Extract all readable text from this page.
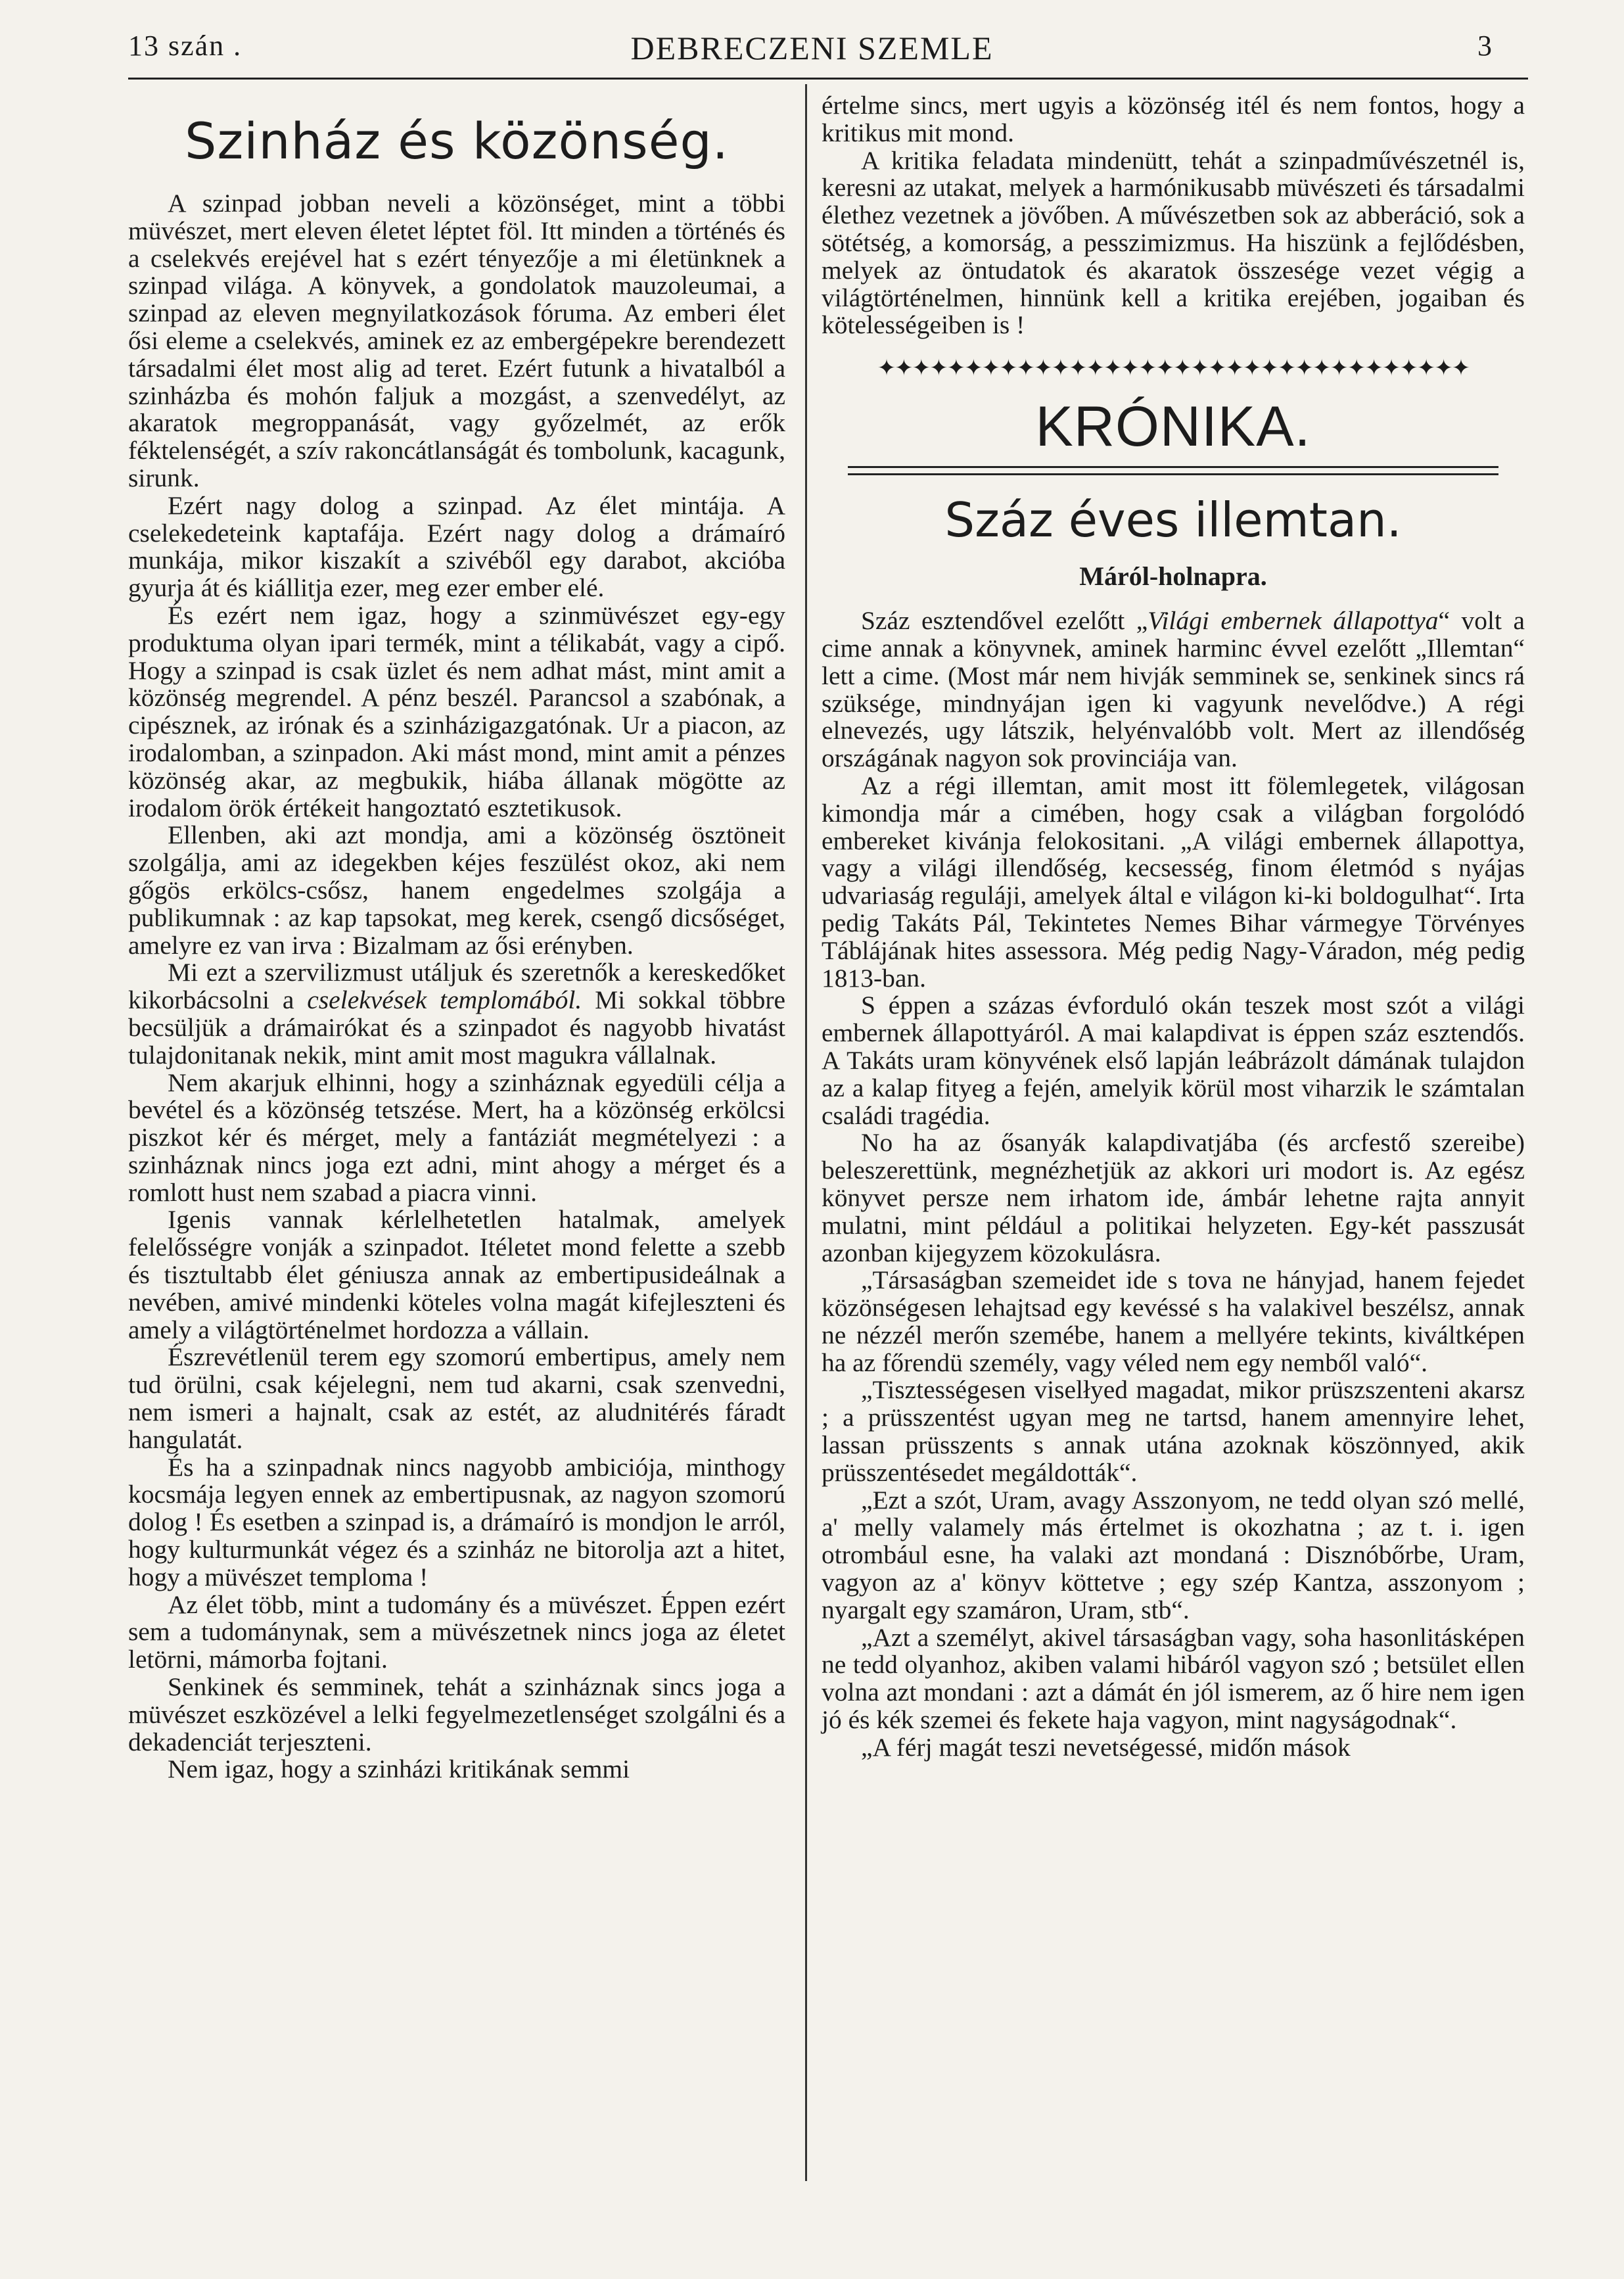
13 szán .	DEBRECZENI SZEMLE	3
Szinház és közönség.

A szinpad jobban neveli a közönséget, mint a többi müvészet, mert eleven életet léptet föl. Itt minden a történés és a cselekvés erejével hat s ezért tényezője a mi életünknek a szinpad világa. A könyvek, a gondolatok mauzoleumai, a szinpad az eleven megnyilatkozások fóruma. Az emberi élet ősi eleme a cselekvés, aminek ez az embergépekre berendezett társadalmi élet most alig ad teret. Ezért futunk a hivatalból a szinházba és mohón faljuk a mozgást, a szenvedélyt, az akaratok megroppanását, vagy győzelmét, az erők féktelenségét, a szív rakoncátlanságát és tombolunk, kacagunk, sirunk.

Ezért nagy dolog a szinpad. Az élet mintája. A cselekedeteink kaptafája. Ezért nagy dolog a drámaíró munkája, mikor kiszakít a szivéből egy darabot, akcióba gyurja át és kiállitja ezer, meg ezer ember elé.

És ezért nem igaz, hogy a szinmüvészet egy-egy produktuma olyan ipari termék, mint a télikabát, vagy a cipő. Hogy a szinpad is csak üzlet és nem adhat mást, mint amit a közönség megrendel. A pénz beszél. Parancsol a szabónak, a cipésznek, az irónak és a szinházigazgatónak. Ur a piacon, az irodalomban, a szinpadon. Aki mást mond, mint amit a pénzes közönség akar, az megbukik, hiába állanak mögötte az irodalom örök értékeit hangoztató esztetikusok.

Ellenben, aki azt mondja, ami a közönség ösztöneit szolgálja, ami az idegekben kéjes feszülést okoz, aki nem gőgös erkölcs-csősz, hanem engedelmes szolgája a publikumnak : az kap tapsokat, meg kerek, csengő dicsőséget, amelyre ez van irva : Bizalmam az ősi erényben.

Mi ezt a szervilizmust utáljuk és szeretnők a kereskedőket kikorbácsolni a cselekvések templomából. Mi sokkal többre becsüljük a drámairókat és a szinpadot és nagyobb hivatást tulajdonitanak nekik, mint amit most magukra vállalnak.

Nem akarjuk elhinni, hogy a szinháznak egyedüli célja a bevétel és a közönség tetszése. Mert, ha a közönség erkölcsi piszkot kér és mérget, mely a fantáziát megmételyezi : a szinháznak nincs joga ezt adni, mint ahogy a mérget és a romlott hust nem szabad a piacra vinni.

Igenis vannak kérlelhetetlen hatalmak, amelyek felelősségre vonják a szinpadot. Itéletet mond felette a szebb és tisztultabb élet géniusza annak az embertipusideálnak a nevében, amivé mindenki köteles volna magát kifejleszteni és amely a világtörténelmet hordozza a vállain.

Észrevétlenül terem egy szomorú embertipus, amely nem tud örülni, csak kéjelegni, nem tud akarni, csak szenvedni, nem ismeri a hajnalt, csak az estét, az aludnitérés fáradt hangulatát.

És ha a szinpadnak nincs nagyobb ambiciója, minthogy kocsmája legyen ennek az embertipusnak, az nagyon szomorú dolog ! És esetben a szinpad is, a drámaíró is mondjon le arról, hogy kulturmunkát végez és a szinház ne bitorolja azt a hitet, hogy a müvészet temploma !

Az élet több, mint a tudomány és a müvészet. Éppen ezért sem a tudománynak, sem a müvészetnek nincs joga az életet letörni, mámorba fojtani.

Senkinek és semminek, tehát a szinháznak sincs joga a müvészet eszközével a lelki fegyelmezetlenséget szolgálni és a dekadenciát terjeszteni.

Nem igaz, hogy a szinházi kritikának semmi

értelme sincs, mert ugyis a közönség itél és nem fontos, hogy a kritikus mit mond.

A kritika feladata mindenütt, tehát a szinpadművészetnél is, keresni az utakat, melyek a harmónikusabb müvészeti és társadalmi élethez vezetnek a jövőben. A művészetben sok az abberáció, sok a sötétség, a komorság, a pesszimizmus. Ha hiszünk a fejlődésben, melyek az öntudatok és akaratok összesége vezet végig a világtörténelmen, hinnünk kell a kritika erejében, jogaiban és kötelességeiben is !

✦✦✦✦✦✦✦✦✦✦✦✦✦✦✦✦✦✦✦✦✦✦✦✦✦✦✦✦✦✦✦✦✦✦
KRÓNIKA.
Száz éves illemtan.
Máról-holnapra.

Száz esztendővel ezelőtt „Világi embernek állapottya“ volt a cime annak a könyvnek, aminek harminc évvel ezelőtt „Illemtan“ lett a cime. (Most már nem hivják semminek se, senkinek sincs rá szüksége, mindnyájan igen ki vagyunk nevelődve.) A régi elnevezés, ugy látszik, helyénvalóbb volt. Mert az illendőség országának nagyon sok provinciája van.

Az a régi illemtan, amit most itt fölemlegetek, világosan kimondja már a cimében, hogy csak a világban forgolódó embereket kivánja felokositani. „A világi embernek állapottya, vagy a világi illendőség, kecsesség, finom életmód s nyájas udvariaság reguláji, amelyek által e világon ki-ki boldogulhat“. Irta pedig Takáts Pál, Tekintetes Nemes Bihar vármegye Törvényes Táblájának hites assessora. Még pedig Nagy-Váradon, még pedig 1813-ban.

S éppen a százas évforduló okán teszek most szót a világi embernek állapottyáról. A mai kalapdivat is éppen száz esztendős. A Takáts uram könyvének első lapján leábrázolt dámának tulajdon az a kalap fityeg a fején, amelyik körül most viharzik le számtalan családi tragédia.

No ha az ősanyák kalapdivatjába (és arcfestő szereibe) beleszerettünk, megnézhetjük az akkori uri modort is. Az egész könyvet persze nem irhatom ide, ámbár lehetne rajta annyit mulatni, mint például a politikai helyzeten. Egy-két passzusát azonban kijegyzem közokulásra.

„Társaságban szemeidet ide s tova ne hányjad, hanem fejedet közönségesen lehajtsad egy kevéssé s ha valakivel beszélsz, annak ne nézzél merőn szemébe, hanem a mellyére tekints, kiváltképen ha az főrendü személy, vagy véled nem egy nemből való“.

„Tisztességesen viselłyed magadat, mikor prüszszenteni akarsz ; a prüsszentést ugyan meg ne tartsd, hanem amennyire lehet, lassan prüsszents s annak utána azoknak köszönnyed, akik prüsszentésedet megáldották“.

„Ezt a szót, Uram, avagy Asszonyom, ne tedd olyan szó mellé, a' melly valamely más értelmet is okozhatna ; az t. i. igen otrombául esne, ha valaki azt mondaná : Disznóbőrbe, Uram, vagyon az a' könyv köttetve ; egy szép Kantza, asszonyom ; nyargalt egy szamáron, Uram, stb“.

„Azt a személyt, akivel társaságban vagy, soha hasonlitásképen ne tedd olyanhoz, akiben valami hibáról vagyon szó ; betsület ellen volna azt mondani : azt a dámát én jól ismerem, az ő hire nem igen jó és kék szemei és fekete haja vagyon, mint nagyságodnak“.

„A férj magát teszi nevetségessé, midőn mások
